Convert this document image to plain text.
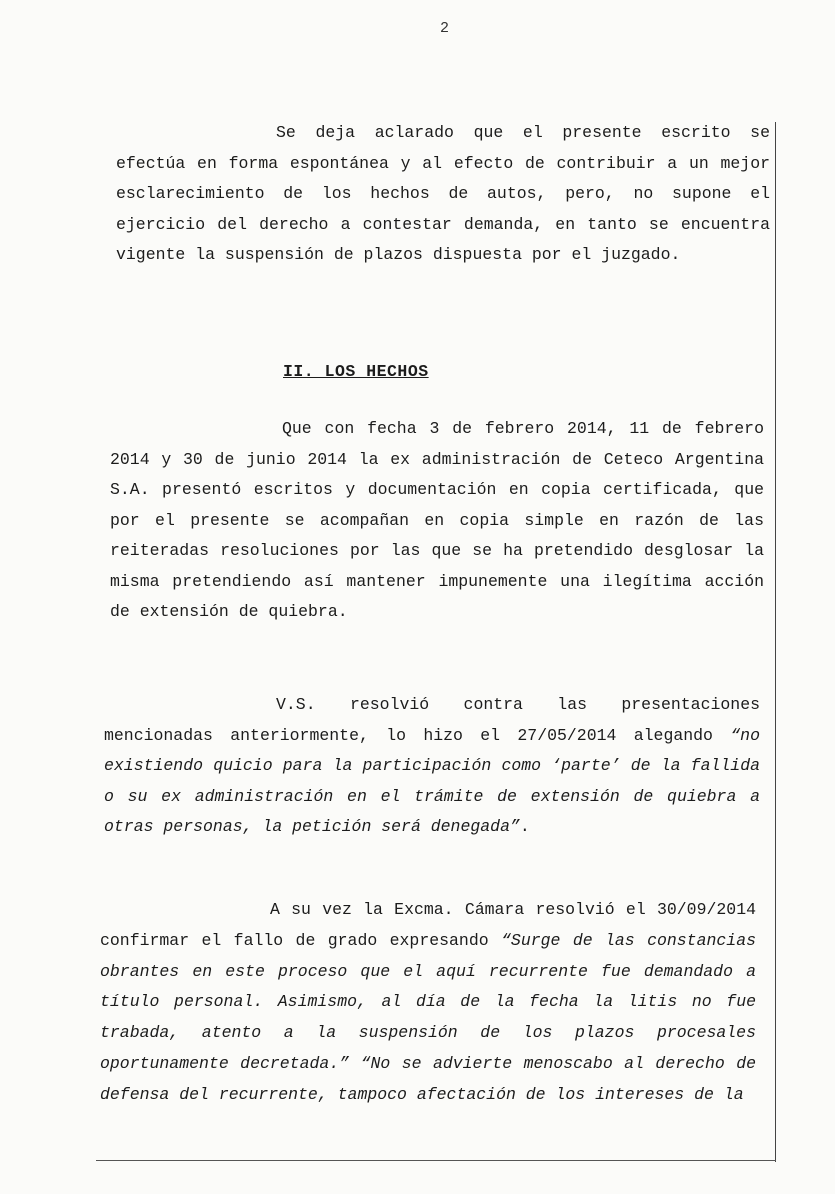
2

Se deja aclarado que el presente escrito se efectúa en forma espontánea y al efecto de contribuir a un mejor esclarecimiento de los hechos de autos, pero, no supone el ejercicio del derecho a contestar demanda, en tanto se encuentra vigente la suspensión de plazos dispuesta por el juzgado.

II. LOS HECHOS

Que con fecha 3 de febrero 2014, 11 de febrero 2014 y 30 de junio 2014 la ex administración de Ceteco Argentina S.A. presentó escritos y documentación en copia certificada, que por el presente se acompañan en copia simple en razón de las reiteradas resoluciones por las que se ha pretendido desglosar la misma pretendiendo así mantener impunemente una ilegítima acción de extensión de quiebra.

V.S. resolvió contra las presentaciones mencionadas anteriormente, lo hizo el 27/05/2014 alegando “no existiendo quicio para la participación como ‘parte’ de la fallida o su ex administración en el trámite de extensión de quiebra a otras personas, la petición será denegada”.

A su vez la Excma. Cámara resolvió el 30/09/2014 confirmar el fallo de grado expresando “Surge de las constancias obrantes en este proceso que el aquí recurrente fue demandado a título personal. Asimismo, al día de la fecha la litis no fue trabada, atento a la suspensión de los plazos procesales oportunamente decretada.” “No se advierte menoscabo al derecho de defensa del recurrente, tampoco afectación de los intereses de la
